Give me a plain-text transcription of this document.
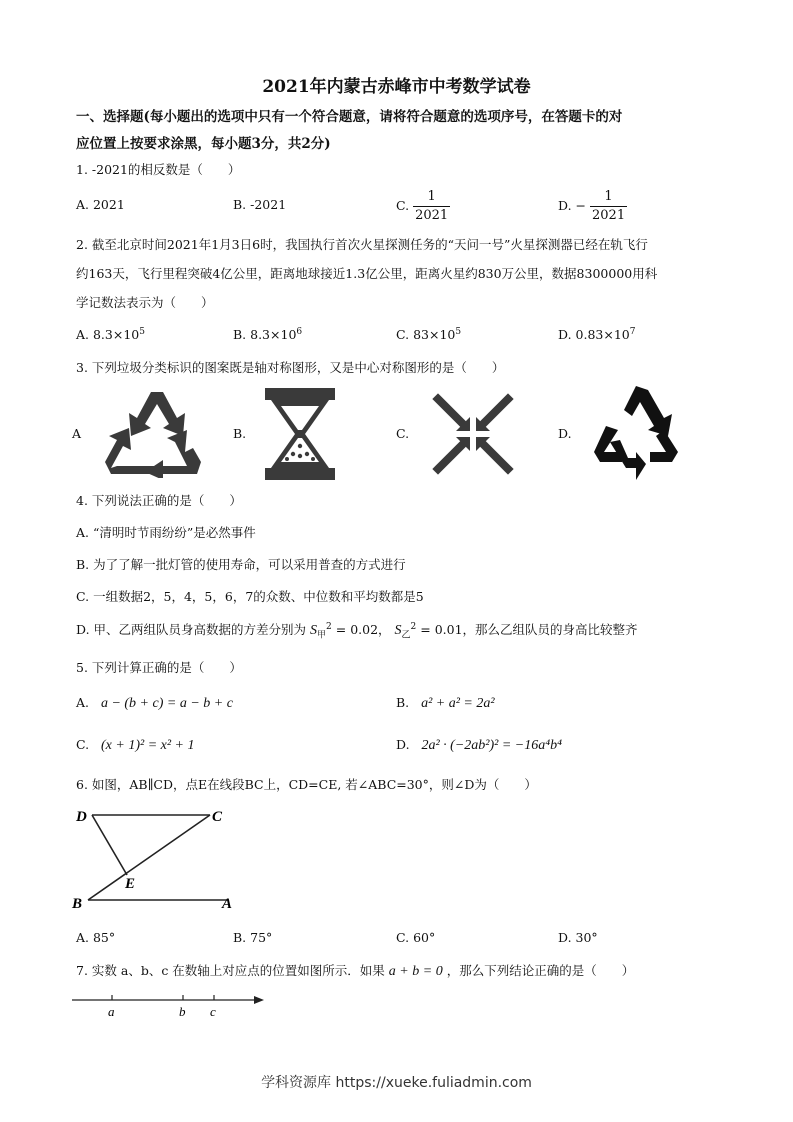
2021年内蒙古赤峰市中考数学试卷
一、选择题(每小题出的选项中只有一个符合题意，请将符合题意的选项序号，在答题卡的对
应位置上按要求涂黑，每小题3分，共2分)
1. -2021的相反数是（　　）
A. 2021	B. -2021	C. $\frac{1}{2021}$	D. − $\frac{1}{2021}$
2. 截至北京时间2021年1月3日6时，我国执行首次火星探测任务的“天问一号”火星探测器已经在轨飞行
约163天，飞行里程突破4亿公里，距离地球接近1.3亿公里，距离火星约830万公里，数据8300000用科
学记数法表示为（　　）
A. $8.3\times 10^5$	B. $8.3\times 10^6$	C. $83\times 10^5$	D. $0.83\times 10^7$
3. 下列垃圾分类标识的图案既是轴对称图形，又是中心对称图形的是（　　）
A	B.	C.	D.
4. 下列说法正确的是（　　）
A. “清明时节雨纷纷”是必然事件
B. 为了了解一批灯管的使用寿命，可以采用普查的方式进行
C. 一组数据2，5，4，5，6，7的众数、中位数和平均数都是5
D. 甲、乙两组队员身高数据的方差分别为 $S_甲^2 = 0.02$， $S_乙^2 = 0.01$，那么乙组队员的身高比较整齐
5. 下列计算正确的是（　　）
A. a − (b + c) = a − b + c	B. a² + a² = 2a²
C. (x + 1)² = x² + 1	D. 2a² · (−2ab²)² = −16a⁴b⁴
6. 如图，AB∥CD，点E在线段BC上，CD=CE, 若∠ABC=30°，则∠D为（　　）
D	C
E
B	A
A. 85°	B. 75°	C. 60°	D. 30°
7. 实数 a、b、c 在数轴上对应点的位置如图所示．如果 a + b = 0 ，那么下列结论正确的是（　　）
a	b c
学科资源库 https://xueke.fuliadmin.com
